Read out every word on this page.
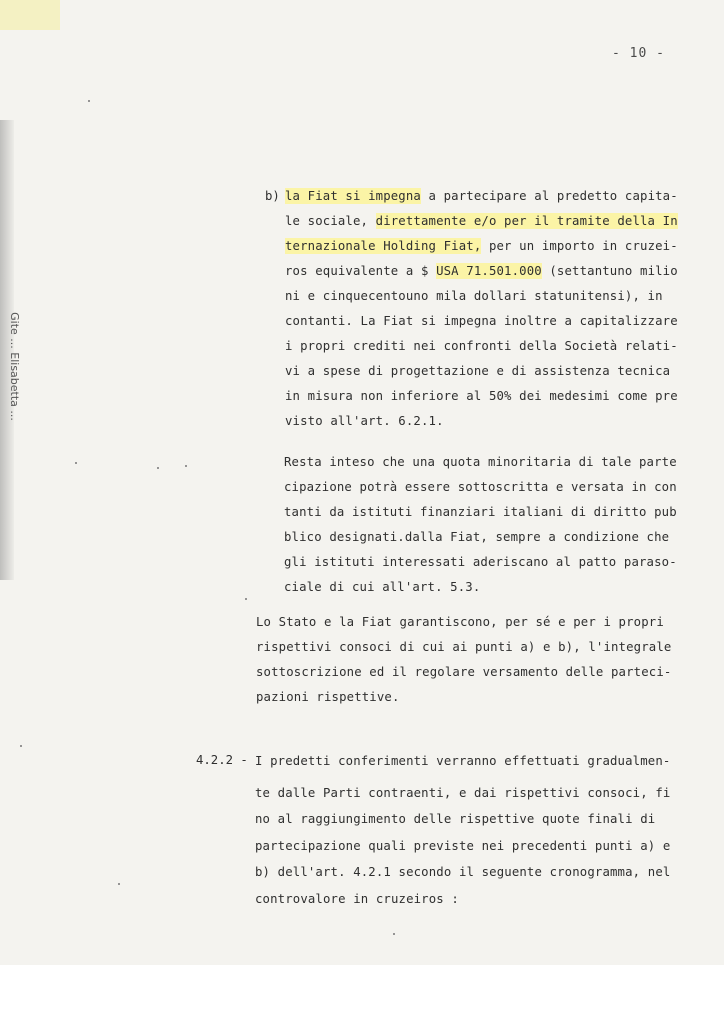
Gite ... Elisabetta ...
- 10 -
b) la Fiat si impegna a partecipare al predetto capita-
le sociale, direttamente e/o per il tramite della In
ternazionale Holding Fiat, per un importo in cruzei-
ros equivalente a $ USA 71.501.000 (settantuno milio
ni e cinquecentouno mila dollari statunitensi), in
contanti. La Fiat si impegna inoltre a capitalizzare
i propri crediti nei confronti della Società relati-
vi a spese di progettazione e di assistenza tecnica
in misura non inferiore al 50% dei medesimi come pre
visto all'art. 6.2.1.
Resta inteso che una quota minoritaria di tale parte
cipazione potrà essere sottoscritta e versata in con
tanti da istituti finanziari italiani di diritto pub
blico designati.dalla Fiat, sempre a condizione che
gli istituti interessati aderiscano al patto paraso-
ciale di cui all'art. 5.3.
Lo Stato e la Fiat garantiscono, per sé e per i propri
rispettivi consoci di cui ai punti a) e b), l'integrale
sottoscrizione ed il regolare versamento delle parteci-
pazioni rispettive.
4.2.2 - I predetti conferimenti verranno effettuati gradualmen-
te dalle Parti contraenti, e dai rispettivi consoci, fi
no al raggiungimento delle rispettive quote finali di
partecipazione quali previste nei precedenti punti a) e
b) dell'art. 4.2.1 secondo il seguente cronogramma, nel
controvalore in cruzeiros :
